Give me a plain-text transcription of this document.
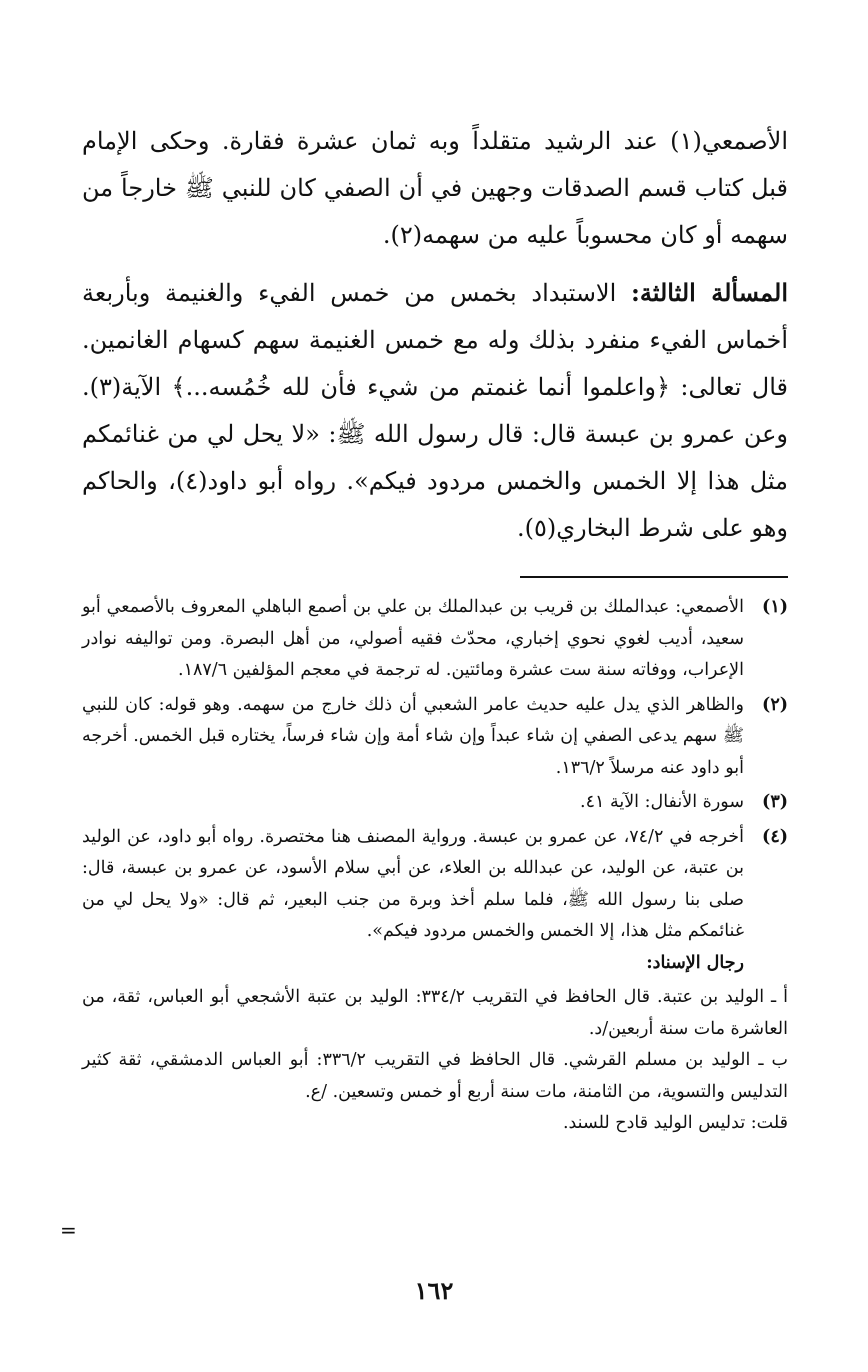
الأصمعي(١) عند الرشيد متقلداً وبه ثمان عشرة فقارة. وحكى الإمام قبل كتاب قسم الصدقات وجهين في أن الصفي كان للنبي ﷺ خارجاً من سهمه أو كان محسوباً عليه من سهمه(٢).

المسألة الثالثة: الاستبداد بخمس من خمس الفيء والغنيمة وبأربعة أخماس الفيء منفرد بذلك وله مع خمس الغنيمة سهم كسهام الغانمين. قال تعالى: ﴿واعلموا أنما غنمتم من شيء فأن لله خُمُسه...﴾ الآية(٣). وعن عمرو بن عبسة قال: قال رسول الله ﷺ: «لا يحل لي من غنائمكم مثل هذا إلا الخمس والخمس مردود فيكم». رواه أبو داود(٤)، والحاكم وهو على شرط البخاري(٥).

(١)

الأصمعي: عبدالملك بن قريب بن عبدالملك بن علي بن أصمع الباهلي المعروف بالأصمعي أبو سعيد، أديب لغوي نحوي إخباري، محدّث فقيه أصولي، من أهل البصرة. ومن تواليفه نوادر الإعراب، ووفاته سنة ست عشرة ومائتين. له ترجمة في معجم المؤلفين ١٨٧/٦.

(٢)

والظاهر الذي يدل عليه حديث عامر الشعبي أن ذلك خارج من سهمه. وهو قوله: كان للنبي ﷺ سهم يدعى الصفي إن شاء عبداً وإن شاء أمة وإن شاء فرساً، يختاره قبل الخمس. أخرجه أبو داود عنه مرسلاً ١٣٦/٢.

(٣)

سورة الأنفال: الآية ٤١.

(٤)

أخرجه في ٧٤/٢، عن عمرو بن عبسة. ورواية المصنف هنا مختصرة. رواه أبو داود، عن الوليد بن عتبة، عن الوليد، عن عبدالله بن العلاء، عن أبي سلام الأسود، عن عمرو بن عبسة، قال: صلى بنا رسول الله ﷺ، فلما سلم أخذ وبرة من جنب البعير، ثم قال: «ولا يحل لي من غنائمكم مثل هذا، إلا الخمس والخمس مردود فيكم».

رجال الإسناد:

أ ـ الوليد بن عتبة. قال الحافظ في التقريب ٣٣٤/٢: الوليد بن عتبة الأشجعي أبو العباس، ثقة، من العاشرة مات سنة أربعين/د.

ب ـ الوليد بن مسلم القرشي. قال الحافظ في التقريب ٣٣٦/٢: أبو العباس الدمشقي، ثقة كثير التدليس والتسوية، من الثامنة، مات سنة أربع أو خمس وتسعين. /ع.

قلت: تدليس الوليد قادح للسند.

=
١٦٢
